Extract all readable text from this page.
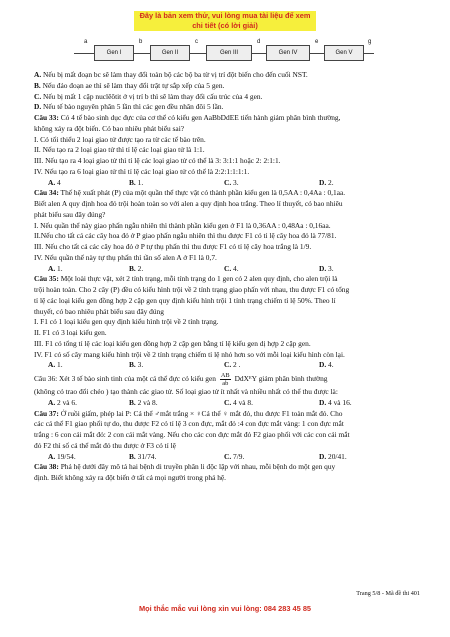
Đây là bản xem thử, vui lòng mua tài liệu để xem chi tiết (có lời giải)
a
Gen I
b
Gen II
c
Gen III
d
Gen IV
e
Gen V
g

A. Nếu bị mất đoạn bc sẽ làm thay đổi toàn bộ các bộ ba từ vị trí đột biến cho đến cuối NST.

B. Nếu đảo đoạn ae thì sẽ làm thay đổi trật tự sắp xếp của 5 gen.

C. Nếu bị mất 1 cặp nuclêôtit ở vị trí b thì sẽ làm thay đổi cấu trúc của 4 gen.

D. Nếu tế bào nguyên phân 5 lần thì các gen đều nhân đôi 5 lần.

Câu 33: Có 4 tế bào sinh dục đực của cơ thể có kiểu gen AaBbDdEE tiến hành giảm phân bình thường,

không xảy ra đột biến. Có bao nhiêu phát biểu sai?

I. Có tối thiểu 2 loại giao tử được tạo ra từ các tế bào trên.

II. Nếu tạo ra 2 loại giao tử thì tỉ lệ các loại giao tử là 1:1.

III. Nếu tạo ra 4 loại giao tử thì tỉ lệ các loại giao tử có thể là 3: 3:1:1 hoặc 2: 2:1:1.

IV. Nếu tạo ra 6 loại giao tử thì tỉ lệ các loại giao tử có thể là 2:2:1:1:1:1.

A. 4	B. 1.	C. 3.	D. 2.

Câu 34: Thế hệ xuất phát (P) của một quần thể thực vật có thành phần kiểu gen là 0,5AA : 0,4Aa : 0,1aa.

Biết alen A quy định hoa đỏ trội hoàn toàn so với alen a quy định hoa trắng. Theo lí thuyết, có bao nhiêu

phát biểu sau đây đúng?

I. Nếu quần thể này giao phấn ngẫu nhiên thì thành phần kiểu gen ở F1 là 0,36AA : 0,48Aa : 0,16aa.

II.Nếu cho tất cả các cây hoa đỏ ở P giao phấn ngẫu nhiên thì thu được F1 có tỉ lệ cây hoa đỏ là 77/81.

III. Nếu cho tất cả các cây hoa đỏ ở P tự thụ phấn thì thu được F1 có tỉ lệ cây hoa trắng là 1/9.

IV. Nếu quần thể này tự thụ phấn thì tần số alen A ở F1 là 0,7.

A. 1.	B. 2.	C. 4.	D. 3.

Câu 35: Một loài thực vật, xét 2 tính trạng, mỗi tính trạng do 1 gen có 2 alen quy định, cho alen trội là

trội hoàn toàn. Cho 2 cây (P) đều có kiểu hình trội về 2 tính trạng giao phấn với nhau, thu được F1 có tổng

tỉ lệ các loại kiểu gen đồng hợp 2 cặp gen quy định kiểu hình trội 1 tính trạng chiếm tỉ lệ 50%. Theo lí

thuyết, có bao nhiêu phát biểu sau đây đúng

I. F1 có 1 loại kiểu gen quy định kiểu hình trội về 2 tính trạng.

II. F1 có 3 loại kiểu gen.

III. F1 có tổng tỉ lệ các loại kiểu gen đồng hợp 2 cặp gen bằng tỉ lệ kiểu gen dị hợp 2 cặp gen.

IV. F1 có số cây mang kiểu hình trội về 2 tính trạng chiếm tỉ lệ nhỏ hơn so với mỗi loại kiểu hình còn lại.

A. 1.	B. 3.	C. 2 .	D. 4.

Câu 36: Xét 3 tế bào sinh tinh của một cá thể đực có kiểu gen $\frac{AB}{ab}$ DdXᴱY giảm phân bình thường

(không có trao đổi chéo ) tạo thành các giao tử. Số loại giao tử ít nhất và nhiều nhất có thể thu được là:

A. 2 và 6.	B. 2 và 8.	C. 4 và 8.	D. 4 và 16.

Câu 37: Ở ruồi giấm, phép lai P: Cá thể ♂mắt trắng × ♀Cá thể ♀ mắt đỏ, thu được F1 toàn mắt đỏ. Cho

các cá thể F1 giao phối tự do, thu được F2 có tỉ lệ 3 con đực, mắt đỏ :4 con đực mắt vàng: 1 con đực mắt

trắng : 6 con cái mắt đỏ: 2 con cái mắt vàng. Nếu cho các con đực mắt đỏ F2 giao phối với các con cái mắt

đỏ F2 thì số cá thể mắt đỏ thu được ở F3 có tỉ lệ

A. 19/54.	B. 31/74.	C. 7/9.	D. 20/41.

Câu 38: Phả hệ dưới đây mô tả hai bệnh di truyền phân li độc lập với nhau, mỗi bệnh do một gen quy

định. Biết không xảy ra đột biến ở tất cả mọi người trong phả hệ.

Trang 5/8 - Mã đề thi 401
Mọi thắc mắc vui lòng xin vui lòng: 084 283 45 85
